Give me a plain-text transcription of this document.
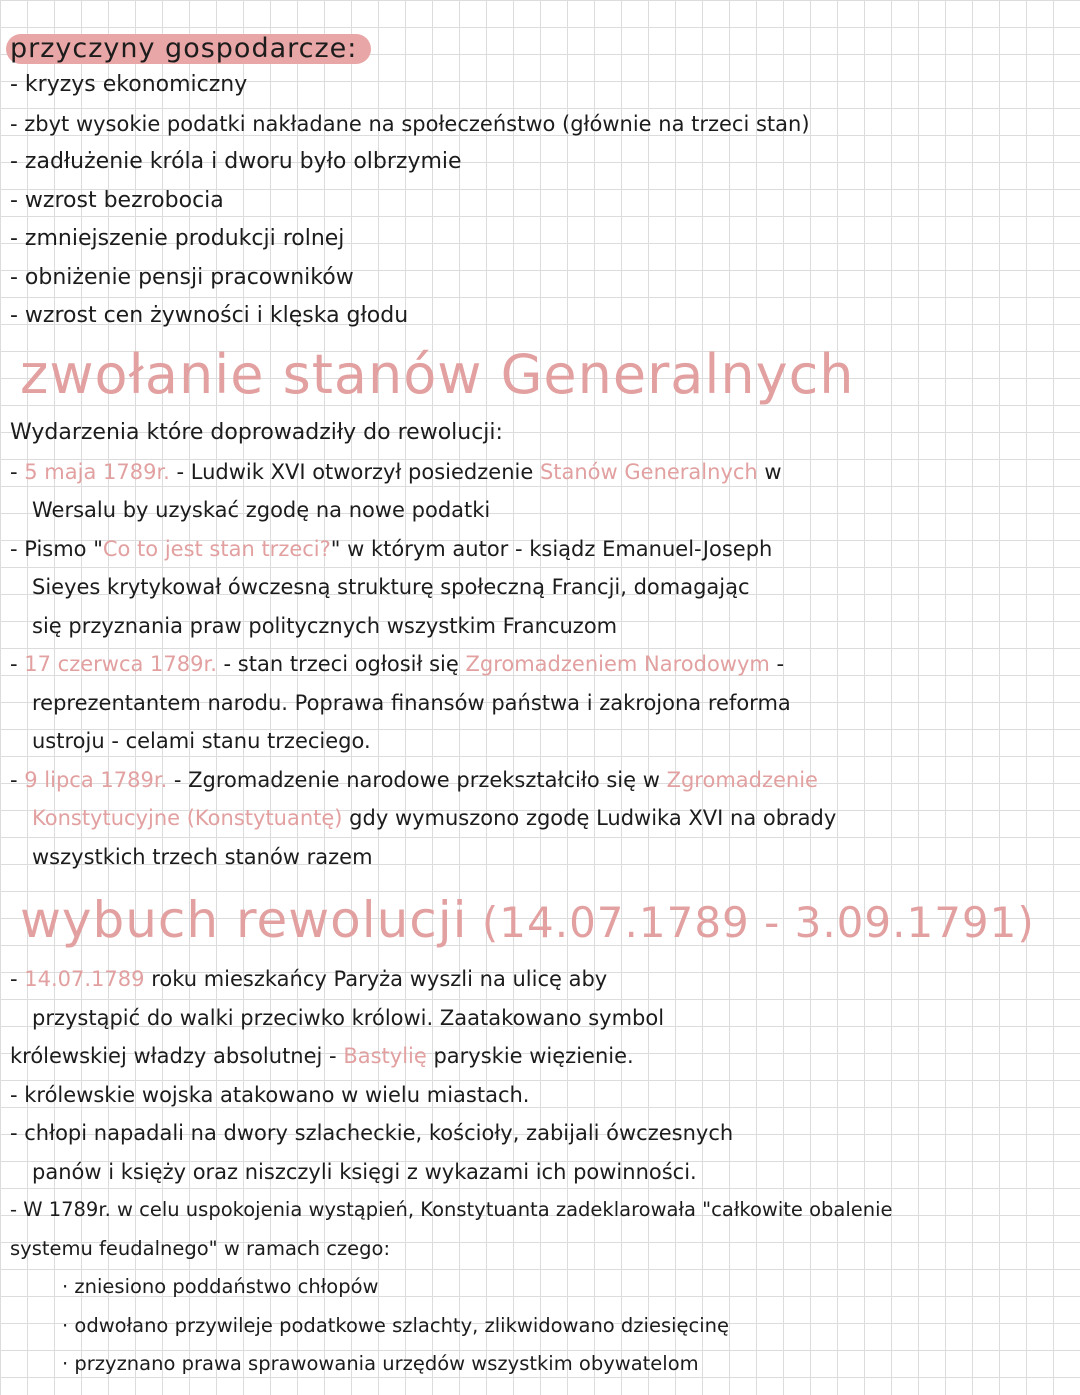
przyczyny gospodarcze:
- kryzys ekonomiczny
- zbyt wysokie podatki nakładane na społeczeństwo (głównie na trzeci stan)
- zadłużenie króla i dworu było olbrzymie
- wzrost bezrobocia
- zmniejszenie produkcji rolnej
- obniżenie pensji pracowników
- wzrost cen żywności i klęska głodu
zwołanie stanów Generalnych
Wydarzenia które doprowadziły do rewolucji:
- 5 maja 1789r. - Ludwik XVI otworzył posiedzenie Stanów Generalnych w
Wersalu by uzyskać zgodę na nowe podatki
- Pismo "Co to jest stan trzeci?" w którym autor - ksiądz Emanuel-Joseph
Sieyes krytykował ówczesną strukturę społeczną Francji, domagając
się przyznania praw politycznych wszystkim Francuzom
- 17 czerwca 1789r. - stan trzeci ogłosił się Zgromadzeniem Narodowym -
reprezentantem narodu. Poprawa finansów państwa i zakrojona reforma
ustroju - celami stanu trzeciego.
- 9 lipca 1789r. - Zgromadzenie narodowe przekształciło się w Zgromadzenie
Konstytucyjne (Konstytuantę) gdy wymuszono zgodę Ludwika XVI na obrady
wszystkich trzech stanów razem
wybuch rewolucji (14.07.1789 - 3.09.1791)
- 14.07.1789 roku mieszkańcy Paryża wyszli na ulicę aby
przystąpić do walki przeciwko królowi. Zaatakowano symbol
królewskiej władzy absolutnej - Bastylię paryskie więzienie.
- królewskie wojska atakowano w wielu miastach.
- chłopi napadali na dwory szlacheckie, kościoły, zabijali ówczesnych
panów i księży oraz niszczyli księgi z wykazami ich powinności.
- W 1789r. w celu uspokojenia wystąpień, Konstytuanta zadeklarowała "całkowite obalenie
systemu feudalnego" w ramach czego:
· zniesiono poddaństwo chłopów
· odwołano przywileje podatkowe szlachty, zlikwidowano dziesięcinę
· przyznano prawa sprawowania urzędów wszystkim obywatelom
